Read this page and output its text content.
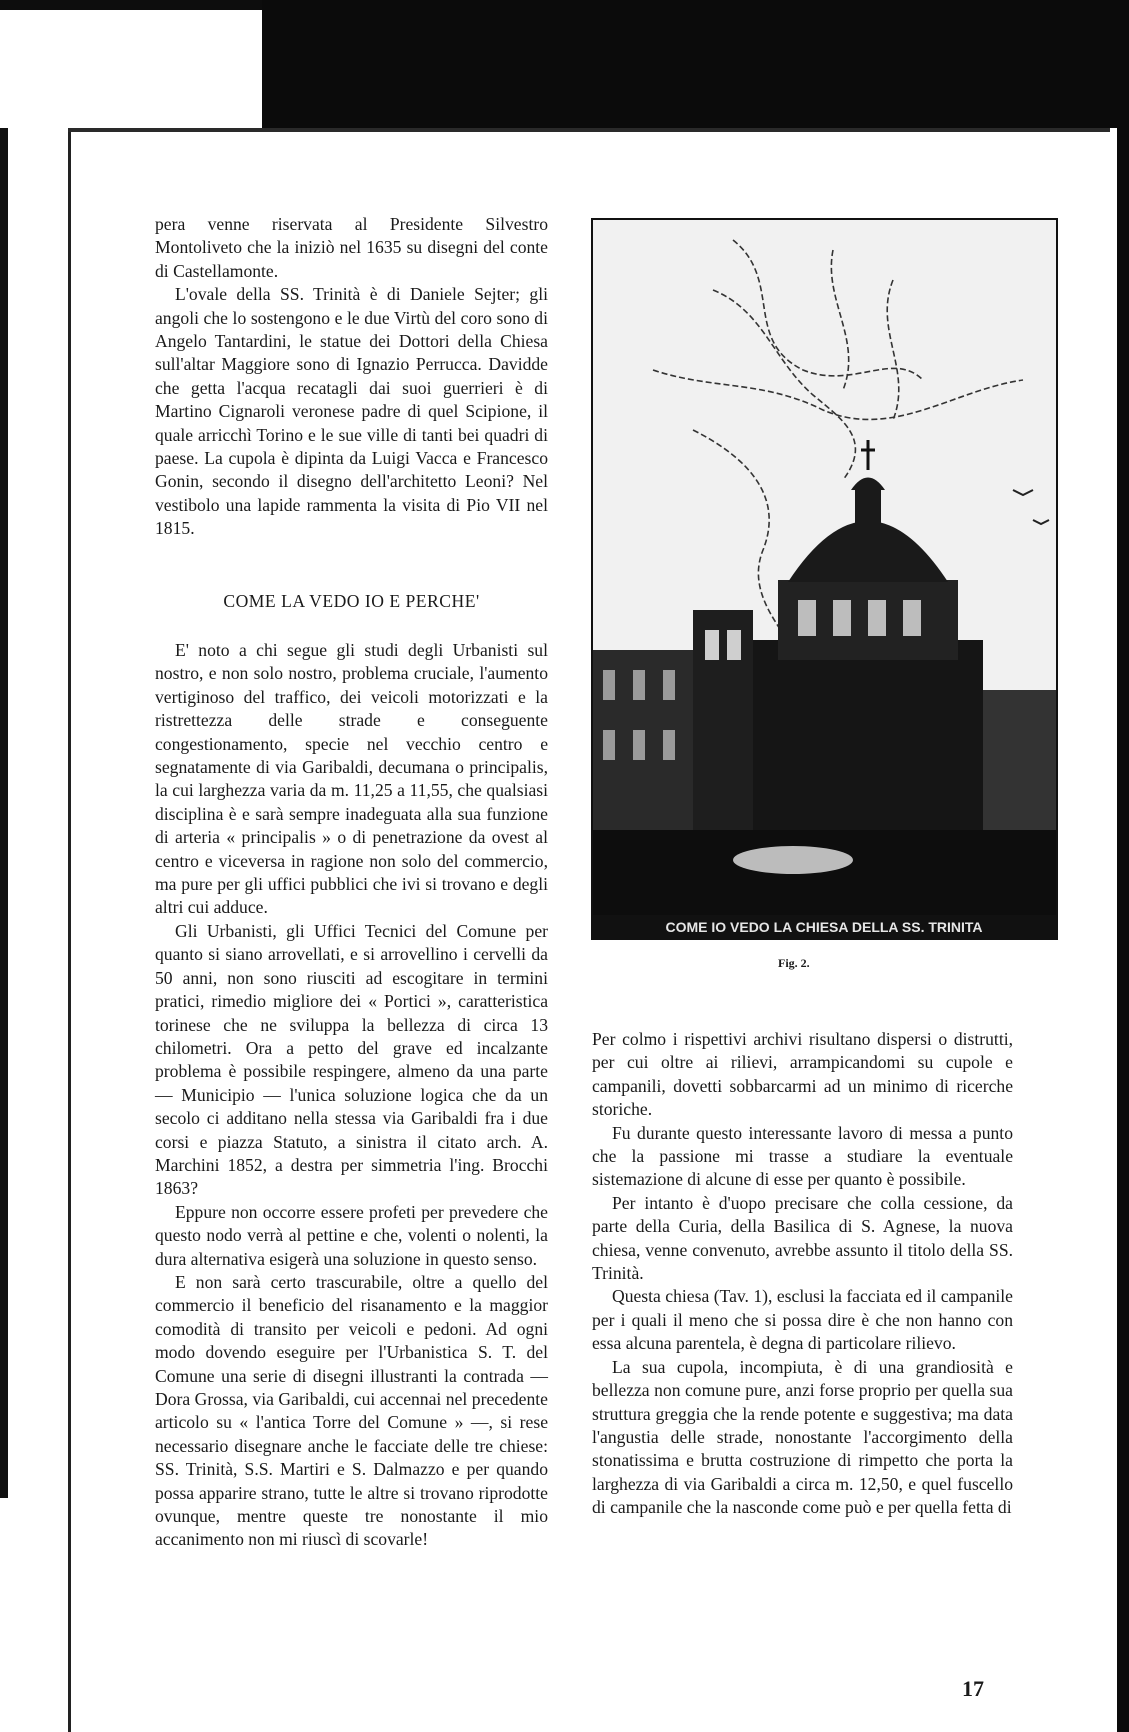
pera venne riservata al Presidente Silvestro Montoliveto che la iniziò nel 1635 su disegni del conte di Castellamonte.

L'ovale della SS. Trinità è di Daniele Sejter; gli angoli che lo sostengono e le due Virtù del coro sono di Angelo Tantardini, le statue dei Dottori della Chiesa sull'altar Maggiore sono di Ignazio Perrucca. Davidde che getta l'acqua recatagli dai suoi guerrieri è di Martino Cignaroli veronese padre di quel Scipione, il quale arricchì Torino e le sue ville di tanti bei quadri di paese. La cupola è dipinta da Luigi Vacca e Francesco Gonin, secondo il disegno dell'architetto Leoni? Nel vestibolo una lapide rammenta la visita di Pio VII nel 1815.

COME LA VEDO IO E PERCHE'

E' noto a chi segue gli studi degli Urbanisti sul nostro, e non solo nostro, problema cruciale, l'aumento vertiginoso del traffico, dei veicoli motorizzati e la ristrettezza delle strade e conseguente congestionamento, specie nel vecchio centro e segnatamente di via Garibaldi, decumana o principalis, la cui larghezza varia da m. 11,25 a 11,55, che qualsiasi disciplina è e sarà sempre inadeguata alla sua funzione di arteria « principalis » o di penetrazione da ovest al centro e viceversa in ragione non solo del commercio, ma pure per gli uffici pubblici che ivi si trovano e degli altri cui adduce.

Gli Urbanisti, gli Uffici Tecnici del Comune per quanto si siano arrovellati, e si arrovellino i cervelli da 50 anni, non sono riusciti ad escogitare in termini pratici, rimedio migliore dei « Portici », caratteristica torinese che ne sviluppa la bellezza di circa 13 chilometri. Ora a petto del grave ed incalzante problema è possibile respingere, almeno da una parte — Municipio — l'unica soluzione logica che da un secolo ci additano nella stessa via Garibaldi fra i due corsi e piazza Statuto, a sinistra il citato arch. A. Marchini 1852, a destra per simmetria l'ing. Brocchi 1863?

Eppure non occorre essere profeti per prevedere che questo nodo verrà al pettine e che, volenti o nolenti, la dura alternativa esigerà una soluzione in questo senso.

E non sarà certo trascurabile, oltre a quello del commercio il beneficio del risanamento e la maggior comodità di transito per veicoli e pedoni. Ad ogni modo dovendo eseguire per l'Urbanistica S. T. del Comune una serie di disegni illustranti la contrada — Dora Grossa, via Garibaldi, cui accennai nel precedente articolo su « l'antica Torre del Comune » —, si rese necessario disegnare anche le facciate delle tre chiese: SS. Trinità, S.S. Martiri e S. Dalmazzo e per quando possa apparire strano, tutte le altre si trovano riprodotte ovunque, mentre queste tre nonostante il mio accanimento non mi riuscì di scovarle!

COME IO VEDO LA CHIESA DELLA SS. TRINITA
Fig. 2.

Per colmo i rispettivi archivi risultano dispersi o distrutti, per cui oltre ai rilievi, arrampicandomi su cupole e campanili, dovetti sobbarcarmi ad un minimo di ricerche storiche.

Fu durante questo interessante lavoro di messa a punto che la passione mi trasse a studiare la eventuale sistemazione di alcune di esse per quanto è possibile.

Per intanto è d'uopo precisare che colla cessione, da parte della Curia, della Basilica di S. Agnese, la nuova chiesa, venne convenuto, avrebbe assunto il titolo della SS. Trinità.

Questa chiesa (Tav. 1), esclusi la facciata ed il campanile per i quali il meno che si possa dire è che non hanno con essa alcuna parentela, è degna di particolare rilievo.

La sua cupola, incompiuta, è di una grandiosità e bellezza non comune pure, anzi forse proprio per quella sua struttura greggia che la rende potente e suggestiva; ma data l'angustia delle strade, nonostante l'accorgimento della stonatissima e brutta costruzione di rimpetto che porta la larghezza di via Garibaldi a circa m. 12,50, e quel fuscello di campanile che la nasconde come può e per quella fetta di

17
